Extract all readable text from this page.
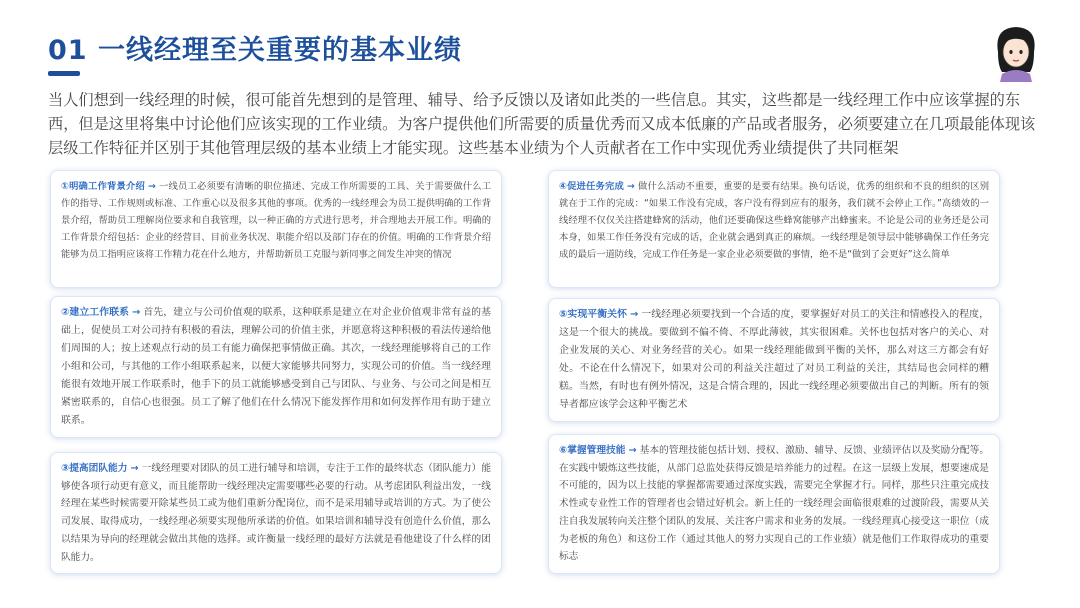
01 一线经理至关重要的基本业绩

当人们想到一线经理的时候，很可能首先想到的是管理、辅导、给予反馈以及诸如此类的一些信息。其实，这些都是一线经理工作中应该掌握的东西，但是这里将集中讨论他们应该实现的工作业绩。为客户提供他们所需要的质量优秀而又成本低廉的产品或者服务，必须要建立在几项最能体现该层级工作特征并区别于其他管理层级的基本业绩上才能实现。这些基本业绩为个人贡献者在工作中实现优秀业绩提供了共同框架

①明确工作背景介绍 → 一线员工必须要有清晰的职位描述、完成工作所需要的工具、关于需要做什么工作的指导、工作规则或标准、工作重心以及很多其他的事项。优秀的一线经理会为员工提供明确的工作背景介绍，帮助员工理解岗位要求和自我管理，以一种正确的方式进行思考，并合理地去开展工作。明确的工作背景介绍包括：企业的经营目、目前业务状况、职能介绍以及部门存在的价值。明确的工作背景介绍能够为员工指明应该将工作精力花在什么地方，并帮助新员工克服与新同事之间发生冲突的情况
②建立工作联系 → 首先，建立与公司价值观的联系，这种联系是建立在对企业价值观非常有益的基础上，促使员工对公司持有积极的看法，理解公司的价值主张，并愿意将这种积极的看法传递给他们周围的人；按上述观点行动的员工有能力确保把事情做正确。其次，一线经理能够将自己的工作小组和公司，与其他的工作小组联系起来，以便大家能够共同努力，实现公司的价值。当一线经理能很有效地开展工作联系时，他手下的员工就能够感受到自己与团队、与业务、与公司之间是相互紧密联系的，自信心也很强。员工了解了他们在什么情况下能发挥作用和如何发挥作用有助于建立联系。
③提高团队能力 → 一线经理要对团队的员工进行辅导和培训，专注于工作的最终状态（团队能力）能够使各项行动更有意义，而且能帮助一线经理决定需要哪些必要的行动。从考虑团队利益出发，一线经理在某些时候需要开除某些员工或为他们重新分配岗位，而不是采用辅导或培训的方式。为了使公司发展、取得成功，一线经理必须要实现他所承诺的价值。如果培训和辅导没有创造什么价值，那么以结果为导向的经理就会做出其他的选择。或许衡量一线经理的最好方法就是看他建设了什么样的团队能力。
④促进任务完成 → 做什么活动不重要，重要的是要有结果。换句话说，优秀的组织和不良的组织的区别就在于工作的完成：“如果工作没有完成，客户没有得到应有的服务，我们就不会停止工作。”高绩效的一线经理不仅仅关注搭建蜂窝的活动，他们还要确保这些蜂窝能够产出蜂蜜来。不论是公司的业务还是公司本身，如果工作任务没有完成的话，企业就会遇到真正的麻烦。一线经理是领导层中能够确保工作任务完成的最后一道防线，完成工作任务是一家企业必须要做的事情，绝不是“做到了会更好”这么简单
⑤实现平衡关怀 → 一线经理必须要找到一个合适的度，要掌握好对员工的关注和情感投入的程度，这是一个很大的挑战。要做到不偏不倚、不厚此薄彼，其实很困难。关怀也包括对客户的关心、对企业发展的关心、对业务经营的关心。如果一线经理能做到平衡的关怀，那么对这三方都会有好处。不论在什么情况下，如果对公司的利益关注超过了对员工利益的关注，其结局也会同样的糟糕。当然，有时也有例外情况，这是合情合理的，因此一线经理必须要做出自己的判断。所有的领导者都应该学会这种平衡艺术
⑥掌握管理技能 → 基本的管理技能包括计划、授权、激励、辅导、反馈、业绩评估以及奖励分配等。在实践中锻炼这些技能，从部门总监处获得反馈是培养能力的过程。在这一层级上发展，想要速成是不可能的，因为以上技能的掌握都需要通过深度实践，需要完全掌握才行。同样，那些只注重完成技术性或专业性工作的管理者也会错过好机会。新上任的一线经理会面临很艰难的过渡阶段，需要从关注自我发展转向关注整个团队的发展、关注客户需求和业务的发展。一线经理真心接受这一职位（成为老板的角色）和这份工作（通过其他人的努力实现自己的工作业绩）就是他们工作取得成功的重要标志
